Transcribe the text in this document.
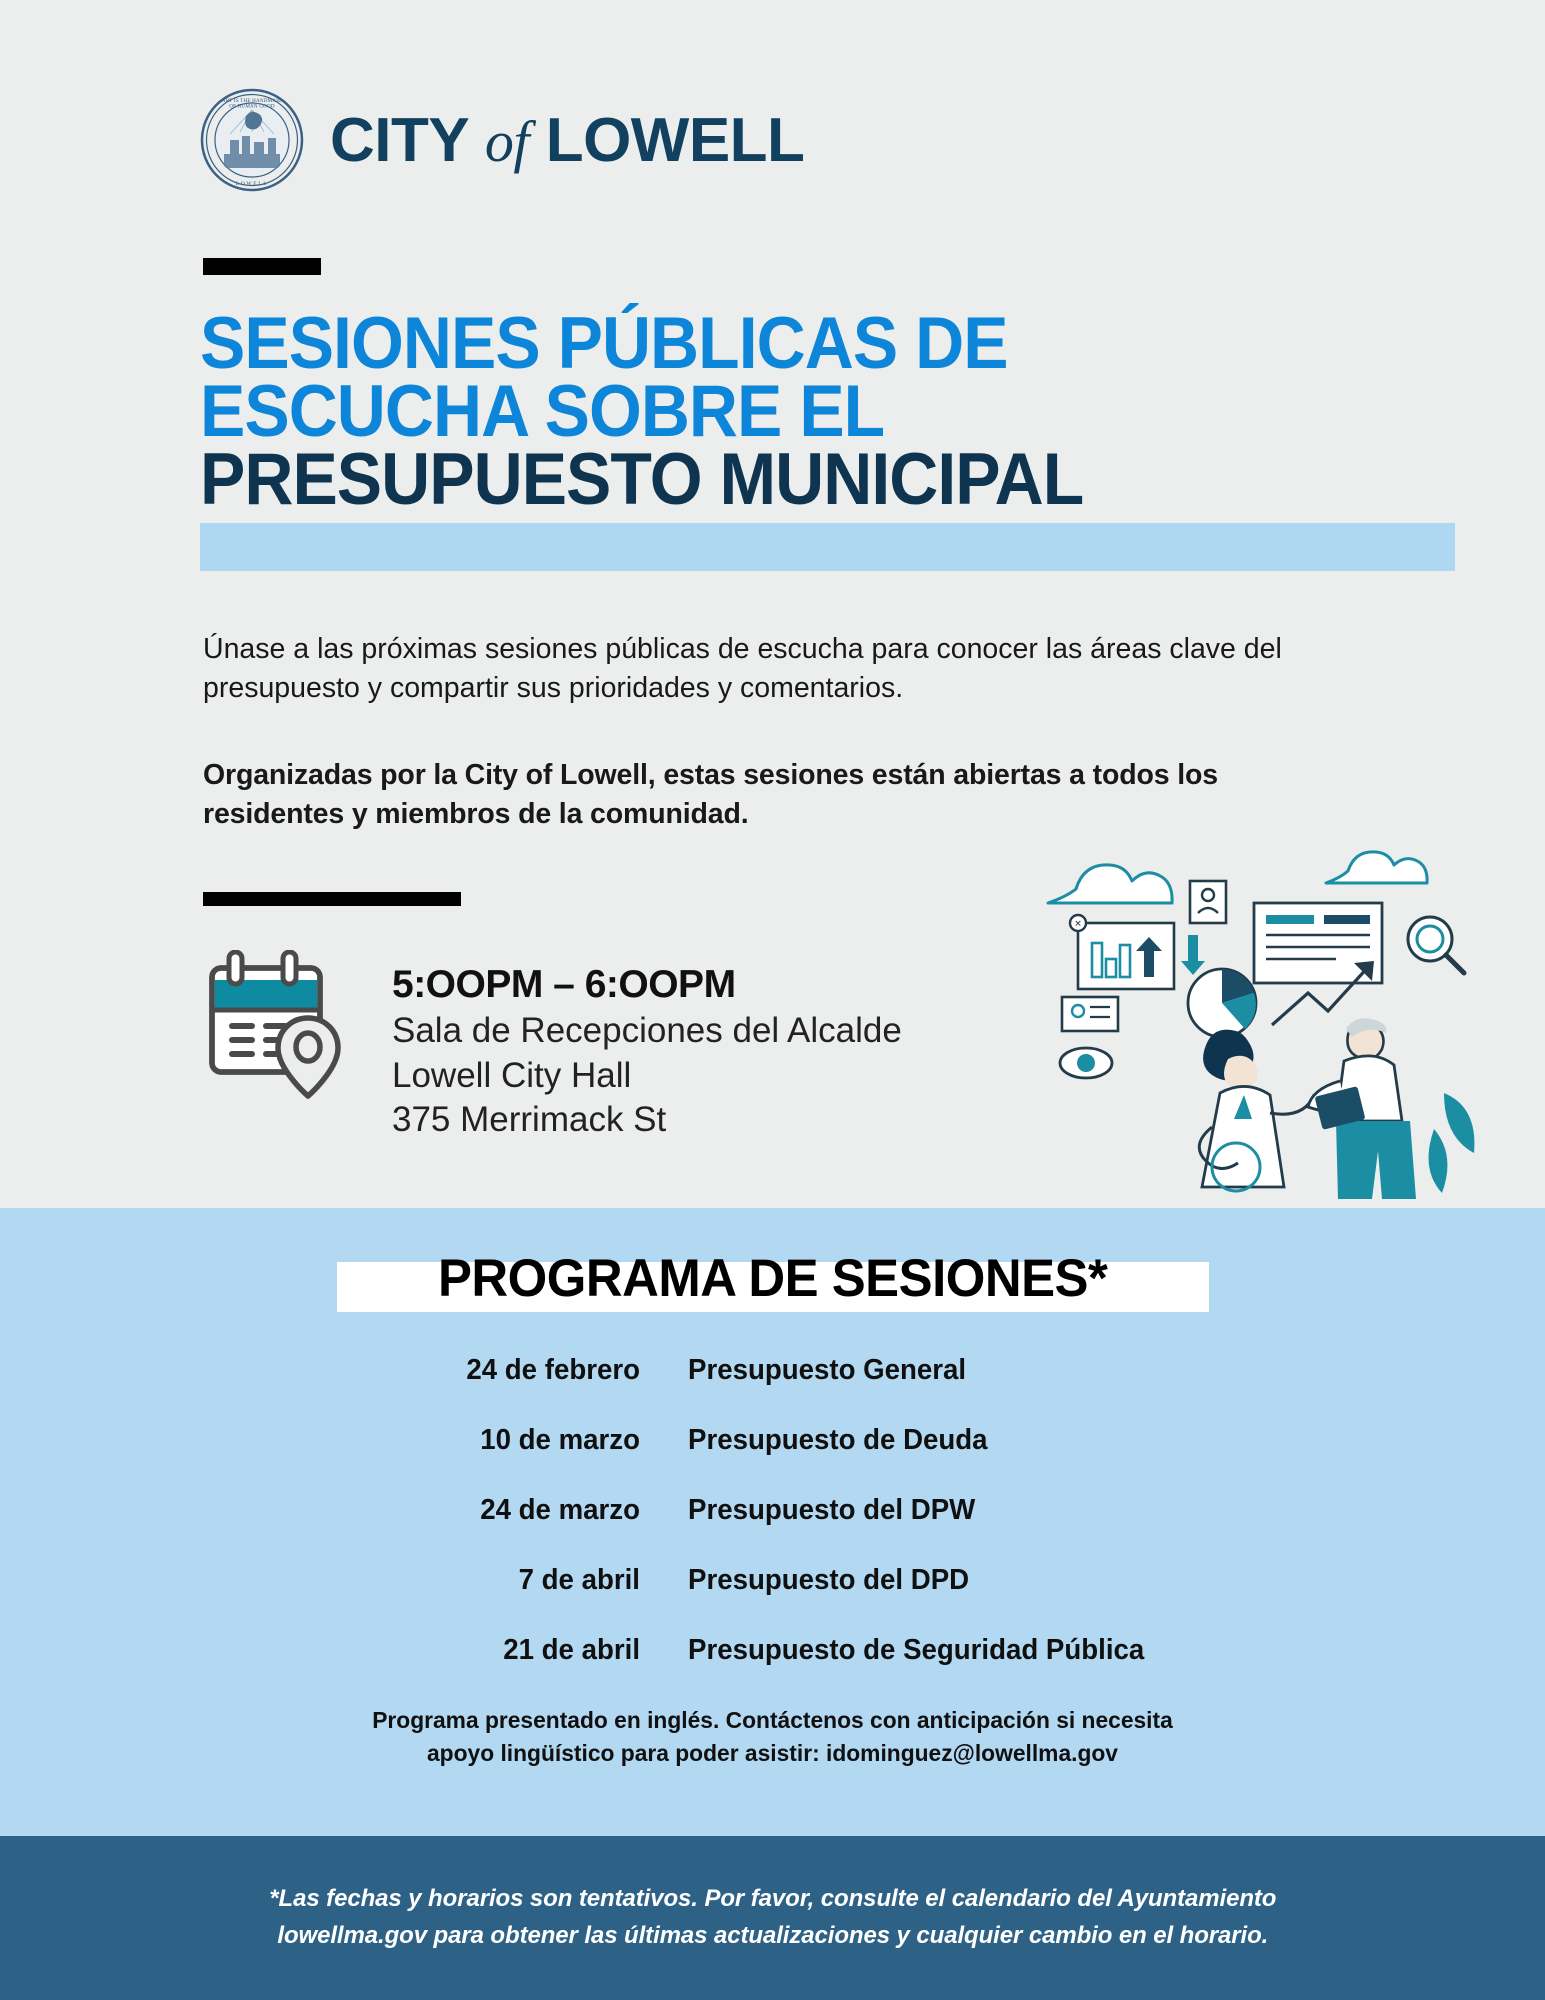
ART IS THE HANDMAID
OF HUMAN GOOD
LOWELL
CITY of LOWELL
SESIONES PÚBLICAS DE
ESCUCHA SOBRE EL
PRESUPUESTO MUNICIPAL

Únase a las próximas sesiones públicas de escucha para conocer las áreas clave del presupuesto y compartir sus prioridades y comentarios.

Organizadas por la City of Lowell, estas sesiones están abiertas a todos los residentes y miembros de la comunidad.

5:OOPM – 6:OOPM
Sala de Recepciones del Alcalde
Lowell City Hall
375 Merrimack St
✕
PROGRAMA DE SESIONES*
24 de febrero Presupuesto General
10 de marzo Presupuesto de Deuda
24 de marzo Presupuesto del DPW
7 de abril Presupuesto del DPD
21 de abril Presupuesto de Seguridad Pública
Programa presentado en inglés. Contáctenos con anticipación si necesita
apoyo lingüístico para poder asistir: idominguez@lowellma.gov
*Las fechas y horarios son tentativos. Por favor, consulte el calendario del Ayuntamiento
lowellma.gov para obtener las últimas actualizaciones y cualquier cambio en el horario.
